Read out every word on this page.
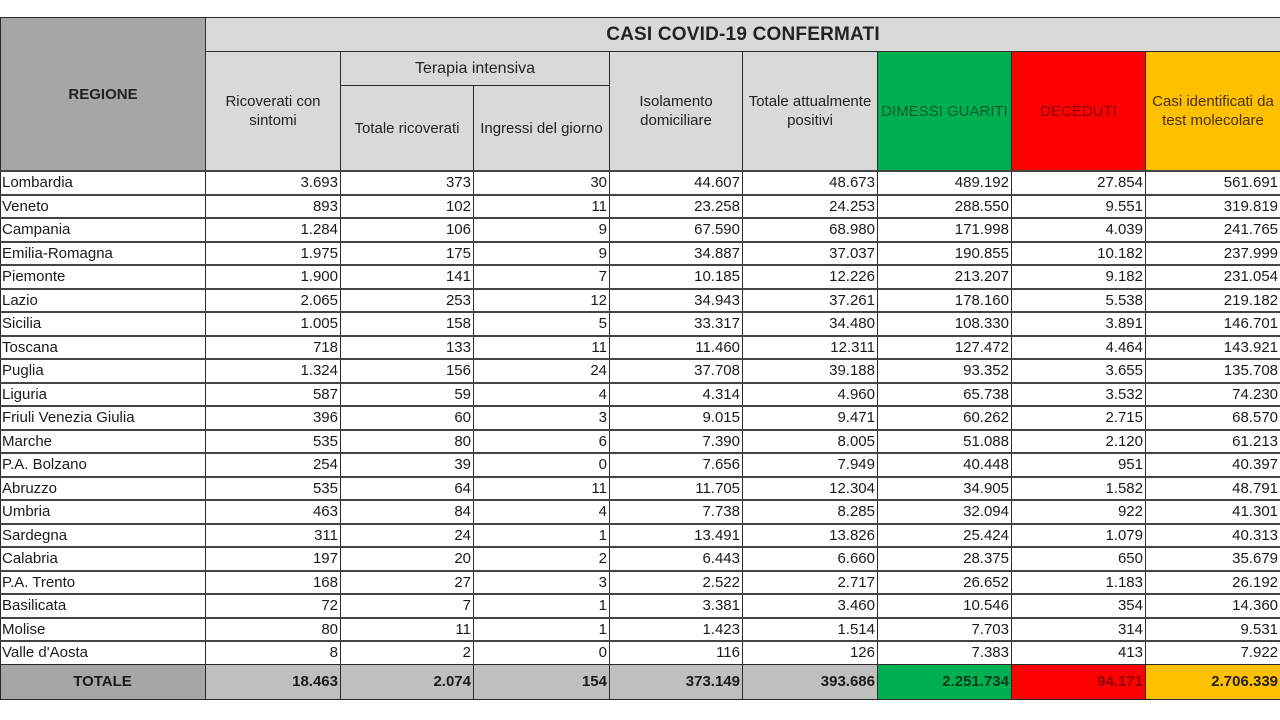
REGIONE	CASI COVID-19 CONFERMATI							
	Ricoverati con sintomi	Terapia intensiva		Isolamento domiciliare	Totale attualmente positivi	DIMESSI GUARITI	DECEDUTI	Casi identificati da test molecolare
		Totale ricoverati	Ingressi del giorno					
Lombardia	3.693	373	30	44.607	48.673	489.192	27.854	561.691
Veneto	893	102	11	23.258	24.253	288.550	9.551	319.819
Campania	1.284	106	9	67.590	68.980	171.998	4.039	241.765
Emilia-Romagna	1.975	175	9	34.887	37.037	190.855	10.182	237.999
Piemonte	1.900	141	7	10.185	12.226	213.207	9.182	231.054
Lazio	2.065	253	12	34.943	37.261	178.160	5.538	219.182
Sicilia	1.005	158	5	33.317	34.480	108.330	3.891	146.701
Toscana	718	133	11	11.460	12.311	127.472	4.464	143.921
Puglia	1.324	156	24	37.708	39.188	93.352	3.655	135.708
Liguria	587	59	4	4.314	4.960	65.738	3.532	74.230
Friuli Venezia Giulia	396	60	3	9.015	9.471	60.262	2.715	68.570
Marche	535	80	6	7.390	8.005	51.088	2.120	61.213
P.A. Bolzano	254	39	0	7.656	7.949	40.448	951	40.397
Abruzzo	535	64	11	11.705	12.304	34.905	1.582	48.791
Umbria	463	84	4	7.738	8.285	32.094	922	41.301
Sardegna	311	24	1	13.491	13.826	25.424	1.079	40.313
Calabria	197	20	2	6.443	6.660	28.375	650	35.679
P.A. Trento	168	27	3	2.522	2.717	26.652	1.183	26.192
Basilicata	72	7	1	3.381	3.460	10.546	354	14.360
Molise	80	11	1	1.423	1.514	7.703	314	9.531
Valle d'Aosta	8	2	0	116	126	7.383	413	7.922
TOTALE	18.463	2.074	154	373.149	393.686	2.251.734	94.171	2.706.339
